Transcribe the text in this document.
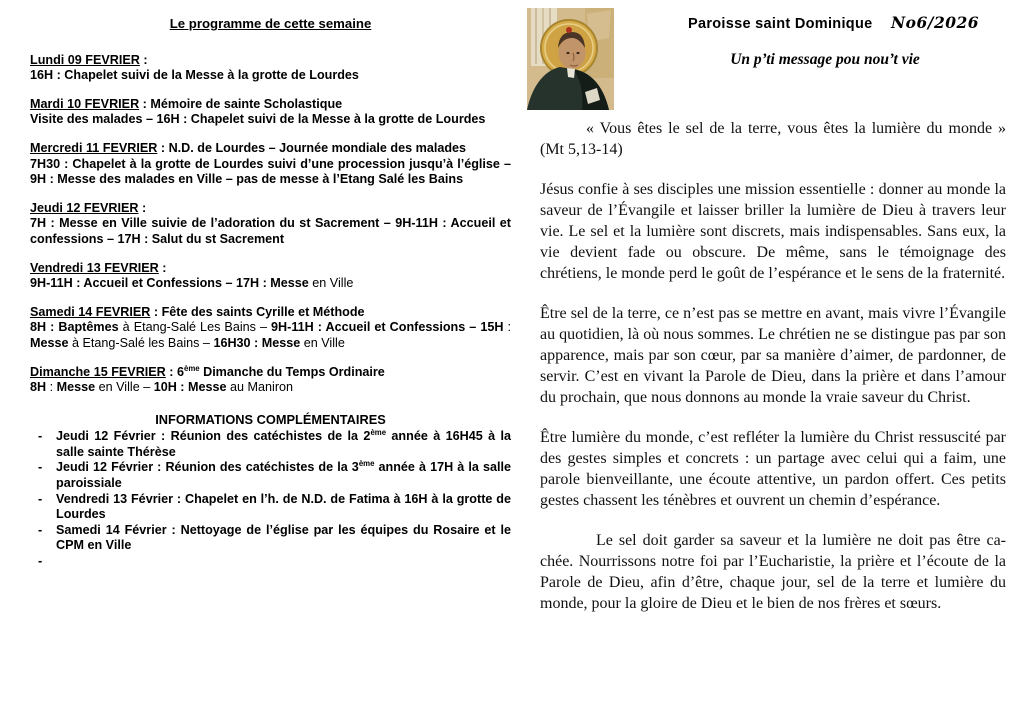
Le programme de cette semaine

Lundi 09 FEVRIER :

16H : Chapelet suivi de la Messe à la grotte de Lourdes

Mardi 10 FEVRIER : Mémoire de sainte Scholastique

Visite des malades – 16H : Chapelet suivi de la Messe à la grotte de Lourdes

Mercredi 11 FEVRIER : N.D. de Lourdes – Journée mondiale des malades

7H30 : Chapelet à la grotte de Lourdes suivi d’une procession jusqu’à l’église – 9H : Messe des malades en Ville – pas de messe à l’Etang Salé les Bains

Jeudi 12 FEVRIER :

7H : Messe en Ville suivie de l’adoration du st Sacrement – 9H-11H : Accueil et confessions – 17H : Salut du st Sacrement

Vendredi 13 FEVRIER :

9H-11H : Accueil et Confessions – 17H : Messe en Ville

Samedi 14 FEVRIER : Fête des saints Cyrille et Méthode

8H : Baptêmes à Etang-Salé Les Bains – 9H-11H : Accueil et Confessions – 15H : Messe à Etang-Salé les Bains – 16H30 : Messe en Ville

Dimanche 15 FEVRIER : 6ème Dimanche du Temps Ordinaire

8H : Messe en Ville – 10H : Messe au Maniron

INFORMATIONS COMPLÉMENTAIRES

-	Jeudi 12 Février : Réunion des catéchistes de la 2ème année à 16H45 à la salle sainte Thérèse
-	Jeudi 12 Février : Réunion des catéchistes de la 3ème année à 17H à la salle paroissiale
-	Vendredi 13 Février : Chapelet en l’h. de N.D. de Fatima à 16H à la grotte de Lourdes
-	Samedi 14 Février : Nettoyage de l’église par les équipes du Rosaire et le CPM en Ville
-
Paroisse saint Dominique No6/2026
Un p’ti message pou nou’t vie

« Vous êtes le sel de la terre, vous êtes la lumière du monde » (Mt 5,13-14)

Jésus confie à ses disciples une mission essentielle : donner au monde la saveur de l’Évangile et laisser briller la lumière de Dieu à travers leur vie. Le sel et la lumière sont discrets, mais indispensables. Sans eux, la vie devient fade ou obscure. De même, sans le témoignage des chrétiens, le monde perd le goût de l’espérance et le sens de la fraternité.

Être sel de la terre, ce n’est pas se mettre en avant, mais vivre l’Évangile au quotidien, là où nous sommes. Le chrétien ne se distingue pas par son apparence, mais par son cœur, par sa manière d’aimer, de pardonner, de servir. C’est en vivant la Parole de Dieu, dans la prière et dans l’amour du prochain, que nous donnons au monde la vraie saveur du Christ.

Être lumière du monde, c’est refléter la lumière du Christ ressuscité par des gestes simples et concrets : un partage avec celui qui a faim, une parole bienveillante, une écoute attentive, un pardon offert. Ces petits gestes chassent les ténèbres et ouvrent un chemin d’espérance.

Le sel doit garder sa saveur et la lumière ne doit pas être cachée. Nourrissons notre foi par l’Eucharistie, la prière et l’écoute de la Parole de Dieu, afin d’être, chaque jour, sel de la terre et lumière du monde, pour la gloire de Dieu et le bien de nos frères et sœurs.
